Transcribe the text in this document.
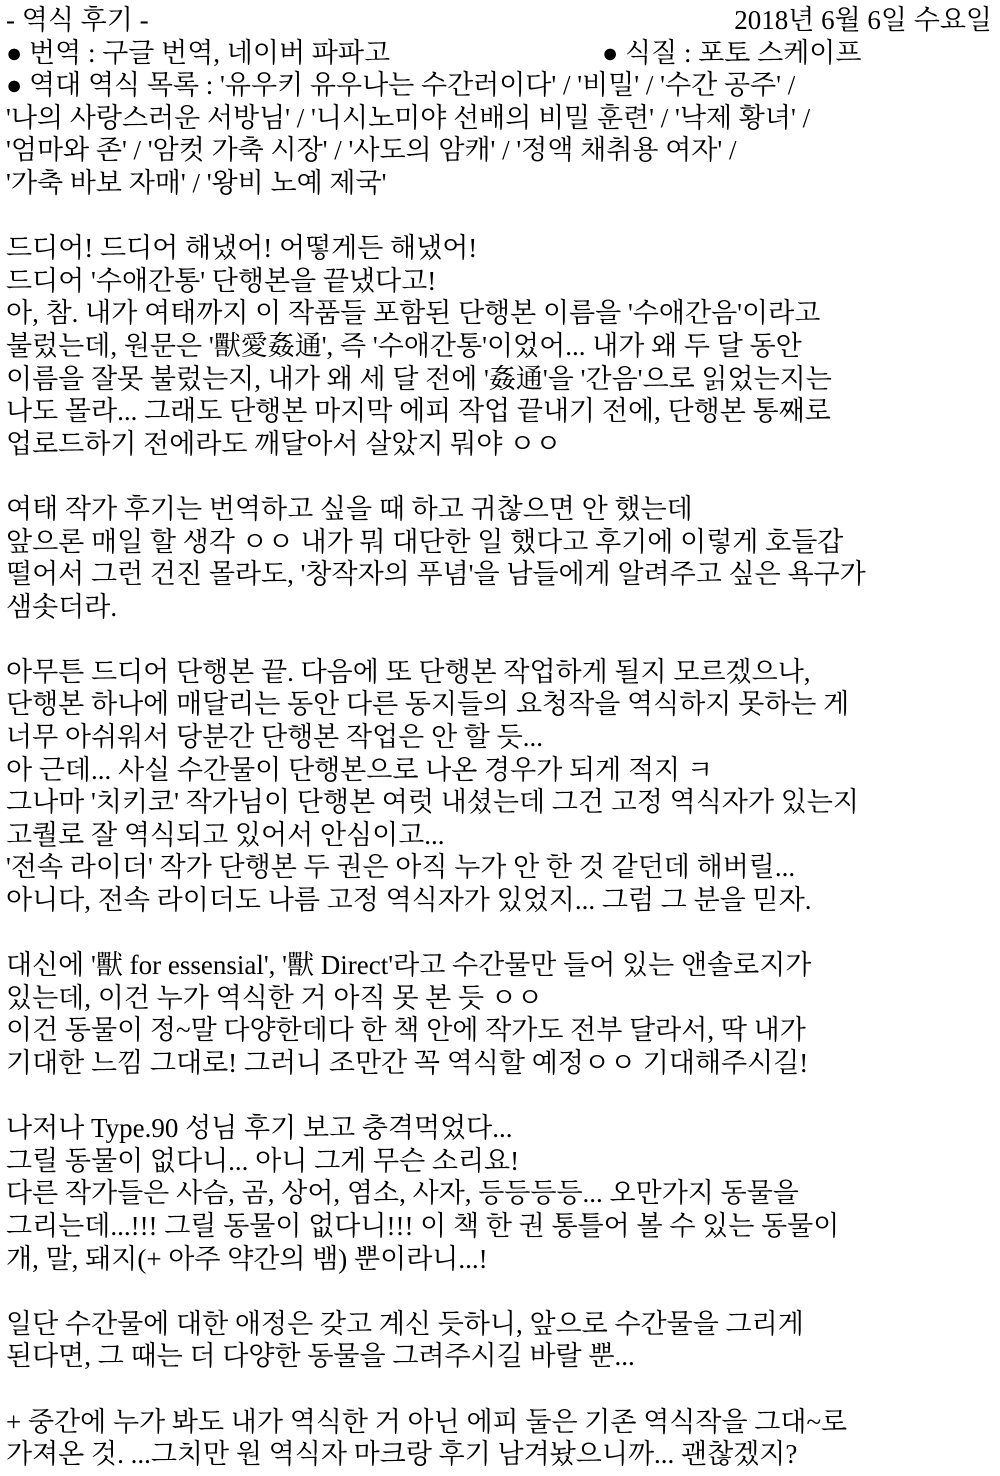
- 역식 후기 -	2018년 6월 6일 수요일
● 번역 : 구글 번역, 네이버 파파고	● 식질 : 포토 스케이프
● 역대 역식 목록 : '유우키 유우나는 수간러이다' / '비밀' / '수간 공주' /
'나의 사랑스러운 서방님' / '니시노미야 선배의 비밀 훈련' / '낙제 황녀' /
'엄마와 존' / '암컷 가축 시장' / '사도의 암캐' / '정액 채취용 여자' /
'가축 바보 자매' / '왕비 노예 제국'
드디어! 드디어 해냈어! 어떻게든 해냈어!
드디어 '수애간통' 단행본을 끝냈다고!
아, 참. 내가 여태까지 이 작품들 포함된 단행본 이름을 '수애간음'이라고
불렀는데, 원문은 '獸愛姦通', 즉 '수애간통'이었어... 내가 왜 두 달 동안
이름을 잘못 불렀는지, 내가 왜 세 달 전에 '姦通'을 '간음'으로 읽었는지는
나도 몰라... 그래도 단행본 마지막 에피 작업 끝내기 전에, 단행본 통째로
업로드하기 전에라도 깨달아서 살았지 뭐야 ㅇㅇ
여태 작가 후기는 번역하고 싶을 때 하고 귀찮으면 안 했는데
앞으론 매일 할 생각 ㅇㅇ 내가 뭐 대단한 일 했다고 후기에 이렇게 호들갑
떨어서 그런 건진 몰라도, '창작자의 푸념'을 남들에게 알려주고 싶은 욕구가
샘솟더라.
아무튼 드디어 단행본 끝. 다음에 또 단행본 작업하게 될지 모르겠으나,
단행본 하나에 매달리는 동안 다른 동지들의 요청작을 역식하지 못하는 게
너무 아쉬워서 당분간 단행본 작업은 안 할 듯...
아 근데... 사실 수간물이 단행본으로 나온 경우가 되게 적지 ㅋ
그나마 '치키코' 작가님이 단행본 여럿 내셨는데 그건 고정 역식자가 있는지
고퀄로 잘 역식되고 있어서 안심이고...
'전속 라이더' 작가 단행본 두 권은 아직 누가 안 한 것 같던데 해버릴...
아니다, 전속 라이더도 나름 고정 역식자가 있었지... 그럼 그 분을 믿자.
대신에 '獸 for essensial', '獸 Direct'라고 수간물만 들어 있는 앤솔로지가
있는데, 이건 누가 역식한 거 아직 못 본 듯 ㅇㅇ
이건 동물이 정~말 다양한데다 한 책 안에 작가도 전부 달라서, 딱 내가
기대한 느낌 그대로! 그러니 조만간 꼭 역식할 예정ㅇㅇ 기대해주시길!
나저나 Type.90 성님 후기 보고 충격먹었다...
그릴 동물이 없다니... 아니 그게 무슨 소리요!
다른 작가들은 사슴, 곰, 상어, 염소, 사자, 등등등등... 오만가지 동물을
그리는데...!!! 그릴 동물이 없다니!!! 이 책 한 권 통틀어 볼 수 있는 동물이
개, 말, 돼지(+ 아주 약간의 뱀) 뿐이라니...!
일단 수간물에 대한 애정은 갖고 계신 듯하니, 앞으로 수간물을 그리게
된다면, 그 때는 더 다양한 동물을 그려주시길 바랄 뿐...
+ 중간에 누가 봐도 내가 역식한 거 아닌 에피 둘은 기존 역식작을 그대~로
가져온 것. ...그치만 원 역식자 마크랑 후기 남겨놨으니까... 괜찮겠지?
